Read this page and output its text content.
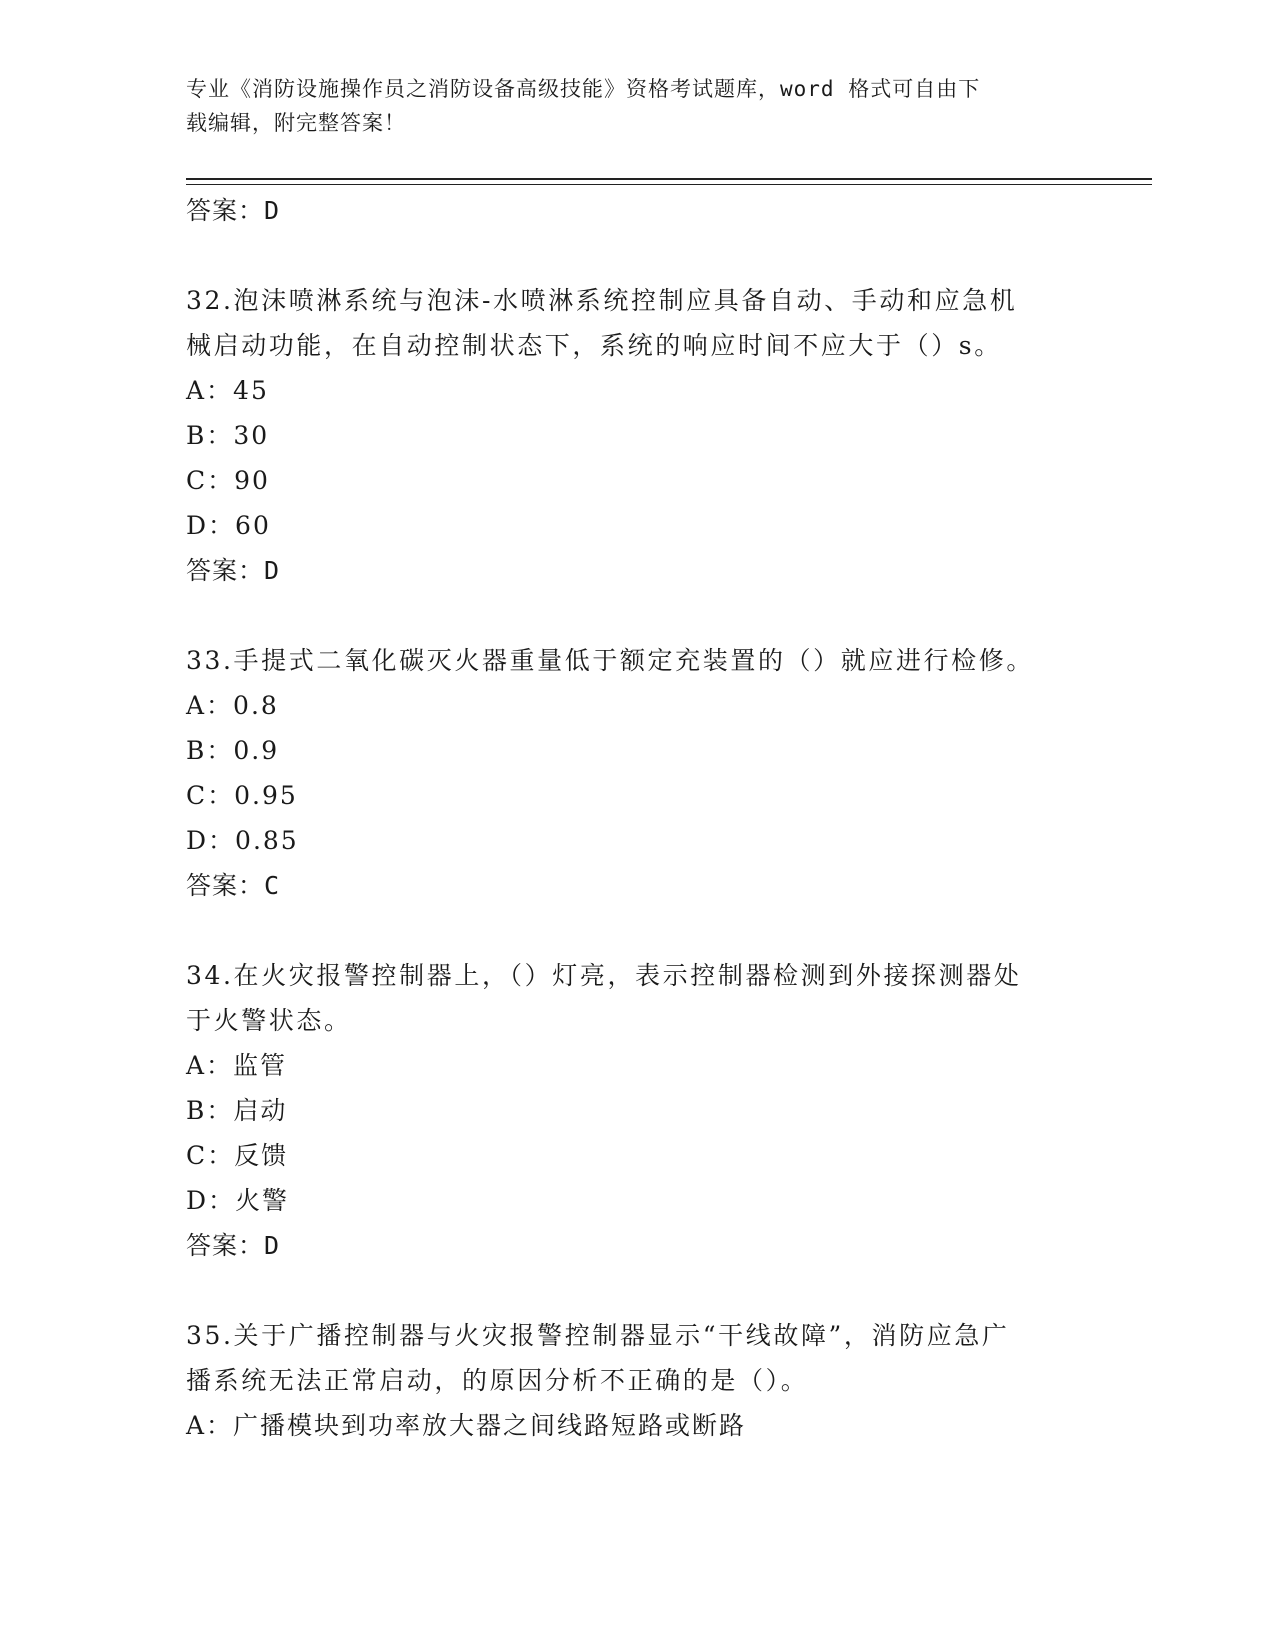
专业《消防设施操作员之消防设备高级技能》资格考试题库，word 格式可自由下
载编辑，附完整答案！
答案：D
32.泡沫喷淋系统与泡沫-水喷淋系统控制应具备自动、手动和应急机
械启动功能，在自动控制状态下，系统的响应时间不应大于（）s。
A：45
B：30
C：90
D：60
答案：D
33.手提式二氧化碳灭火器重量低于额定充装置的（）就应进行检修。
A：0.8
B：0.9
C：0.95
D：0.85
答案：C
34.在火灾报警控制器上，（）灯亮，表示控制器检测到外接探测器处
于火警状态。
A：监管
B：启动
C：反馈
D：火警
答案：D
35.关于广播控制器与火灾报警控制器显示“干线故障”，消防应急广
播系统无法正常启动，的原因分析不正确的是（）。
A：广播模块到功率放大器之间线路短路或断路
